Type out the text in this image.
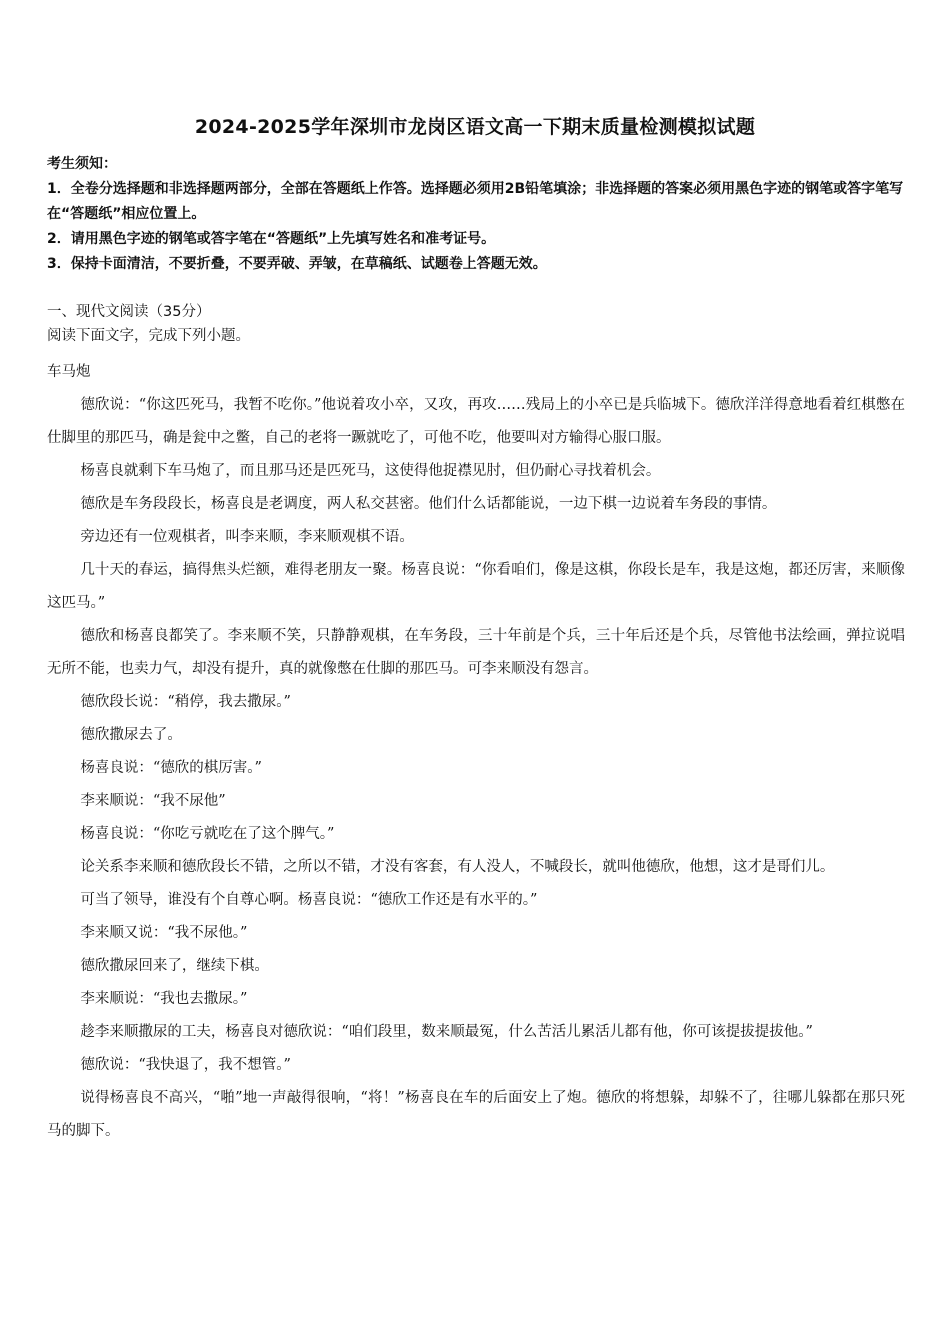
2024-2025学年深圳市龙岗区语文高一下期末质量检测模拟试题
考生须知：
1．全卷分选择题和非选择题两部分，全部在答题纸上作答。选择题必须用2B铅笔填涂；非选择题的答案必须用黑色字迹的钢笔或答字笔写在“答题纸”相应位置上。
2．请用黑色字迹的钢笔或答字笔在“答题纸”上先填写姓名和准考证号。
3．保持卡面清洁，不要折叠，不要弄破、弄皱，在草稿纸、试题卷上答题无效。
一、现代文阅读（35分）
阅读下面文字，完成下列小题。

车马炮

德欣说：“你这匹死马，我暂不吃你。”他说着攻小卒，又攻，再攻……残局上的小卒已是兵临城下。德欣洋洋得意地看着红棋憋在仕脚里的那匹马，确是瓮中之鳖，自己的老将一蹶就吃了，可他不吃，他要叫对方输得心服口服。

杨喜良就剩下车马炮了，而且那马还是匹死马，这使得他捉襟见肘，但仍耐心寻找着机会。

德欣是车务段段长，杨喜良是老调度，两人私交甚密。他们什么话都能说，一边下棋一边说着车务段的事情。

旁边还有一位观棋者，叫李来顺，李来顺观棋不语。

几十天的春运，搞得焦头烂额，难得老朋友一聚。杨喜良说：“你看咱们，像是这棋，你段长是车，我是这炮，都还厉害，来顺像这匹马。”

德欣和杨喜良都笑了。李来顺不笑，只静静观棋，在车务段，三十年前是个兵，三十年后还是个兵，尽管他书法绘画，弹拉说唱无所不能，也卖力气，却没有提升，真的就像憋在仕脚的那匹马。可李来顺没有怨言。

德欣段长说：“稍停，我去撒尿。”

德欣撒尿去了。

杨喜良说：“德欣的棋厉害。”

李来顺说：“我不尿他”

杨喜良说：“你吃亏就吃在了这个脾气。”

论关系李来顺和德欣段长不错，之所以不错，才没有客套，有人没人，不喊段长，就叫他德欣，他想，这才是哥们儿。

可当了领导，谁没有个自尊心啊。杨喜良说：“德欣工作还是有水平的。”

李来顺又说：“我不尿他。”

德欣撒尿回来了，继续下棋。

李来顺说：“我也去撒尿。”

趁李来顺撒尿的工夫，杨喜良对德欣说：“咱们段里，数来顺最冤，什么苦活儿累活儿都有他，你可该提拔提拔他。”

德欣说：“我快退了，我不想管。”

说得杨喜良不高兴，“啪”地一声敲得很响，“将！”杨喜良在车的后面安上了炮。德欣的将想躲，却躲不了，往哪儿躲都在那只死马的脚下。
